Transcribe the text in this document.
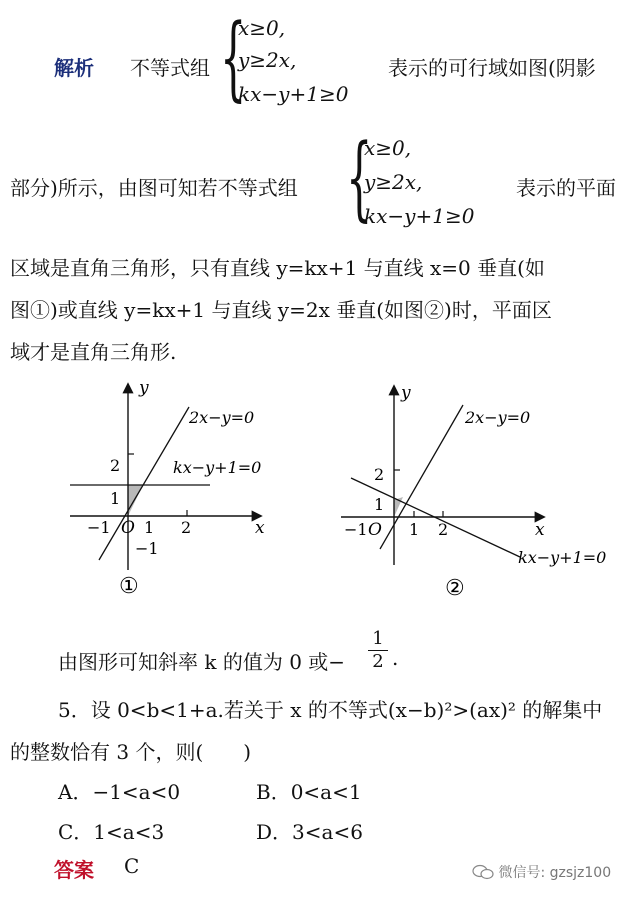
解析 不等式组 {
x≥0,
y≥2x,
kx−y+1≥0
表示的可行域如图(阴影
部分)所示，由图可知若不等式组 {
x≥0,
y≥2x,
kx−y+1≥0
表示的平面
区域是直角三角形，只有直线 y=kx+1 与直线 x=0 垂直(如
图①)或直线 y=kx+1 与直线 y=2x 垂直(如图②)时，平面区
域才是直角三角形.
y
x
O
2x−y=0
kx−y+1=0
−1 1 2
1
2
−1
①
y
x
O
2x−y=0
kx−y+1=0
−1	1 2
1
2
②
由图形可知斜率 k 的值为 0 或− $\frac{1}{2}$ .
5．设 0<b<1+a.若关于 x 的不等式(x−b)²>(ax)² 的解集中
的整数恰有 3 个，则(　　)
A．−1<a<0	B．0<a<1
C．1<a<3	D．3<a<6
答案 C	微信号: gzsjz100
